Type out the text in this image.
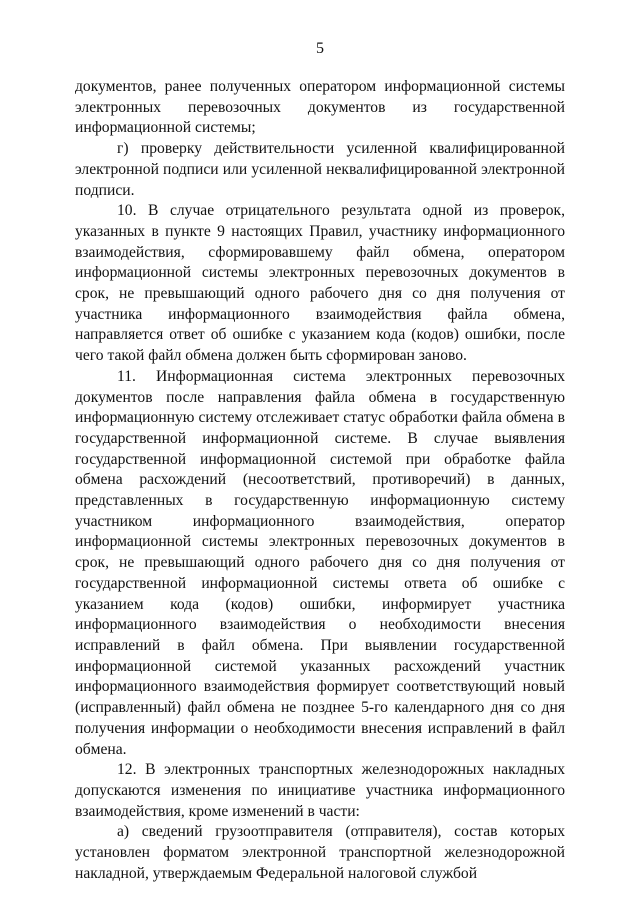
5

документов, ранее полученных оператором информационной системы электронных перевозочных документов из государственной информационной системы;

г) проверку действительности усиленной квалифицированной электронной подписи или усиленной неквалифицированной электронной подписи.

10. В случае отрицательного результата одной из проверок, указанных в пункте 9 настоящих Правил, участнику информационного взаимодействия, сформировавшему файл обмена, оператором информационной системы электронных перевозочных документов в срок, не превышающий одного рабочего дня со дня получения от участника информационного взаимодействия файла обмена, направляется ответ об ошибке с указанием кода (кодов) ошибки, после чего такой файл обмена должен быть сформирован заново.

11. Информационная система электронных перевозочных документов после направления файла обмена в государственную информационную систему отслеживает статус обработки файла обмена в государственной информационной системе. В случае выявления государственной информационной системой при обработке файла обмена расхождений (несоответствий, противоречий) в данных, представленных в государственную информационную систему участником информационного взаимодействия, оператор информационной системы электронных перевозочных документов в срок, не превышающий одного рабочего дня со дня получения от государственной информационной системы ответа об ошибке с указанием кода (кодов) ошибки, информирует участника информационного взаимодействия о необходимости внесения исправлений в файл обмена. При выявлении государственной информационной системой указанных расхождений участник информационного взаимодействия формирует соответствующий новый (исправленный) файл обмена не позднее 5-го календарного дня со дня получения информации о необходимости внесения исправлений в файл обмена.

12. В электронных транспортных железнодорожных накладных допускаются изменения по инициативе участника информационного взаимодействия, кроме изменений в части:

а) сведений грузоотправителя (отправителя), состав которых установлен форматом электронной транспортной железнодорожной накладной, утверждаемым Федеральной налоговой службой
